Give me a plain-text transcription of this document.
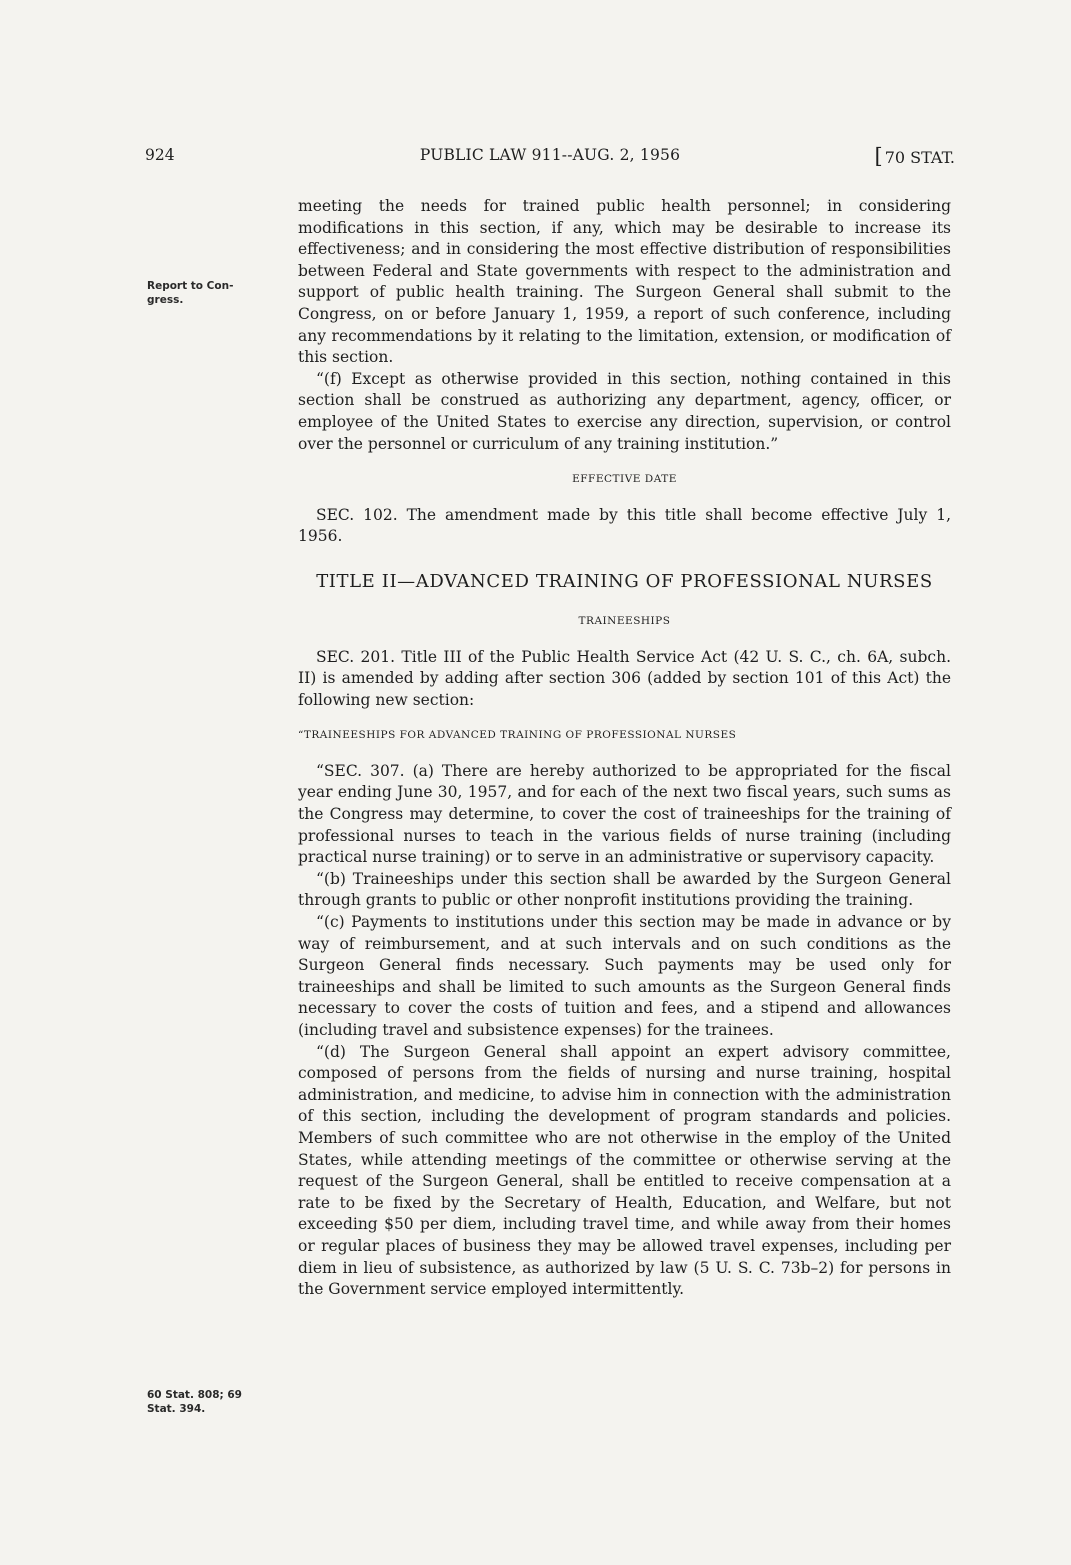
924	PUBLIC LAW 911--AUG. 2, 1956	[ 70 STAT.
Report to Con-gress.
60 Stat. 808; 69
Stat. 394.

meeting the needs for trained public health personnel; in considering modifications in this section, if any, which may be desirable to increase its effectiveness; and in considering the most effective distribution of responsibilities between Federal and State governments with respect to the administration and support of public health training. The Surgeon General shall submit to the Congress, on or before January 1, 1959, a report of such conference, including any recommendations by it relating to the limitation, extension, or modification of this section.

“(f) Except as otherwise provided in this section, nothing contained in this section shall be construed as authorizing any department, agency, officer, or employee of the United States to exercise any direction, supervision, or control over the personnel or curriculum of any training institution.”

EFFECTIVE DATE

SEC. 102. The amendment made by this title shall become effective July 1, 1956.

TITLE II—ADVANCED TRAINING OF PROFESSIONAL NURSES
TRAINEESHIPS

SEC. 201. Title III of the Public Health Service Act (42 U. S. C., ch. 6A, subch. II) is amended by adding after section 306 (added by section 101 of this Act) the following new section:

“TRAINEESHIPS FOR ADVANCED TRAINING OF PROFESSIONAL NURSES

“SEC. 307. (a) There are hereby authorized to be appropriated for the fiscal year ending June 30, 1957, and for each of the next two fiscal years, such sums as the Congress may determine, to cover the cost of traineeships for the training of professional nurses to teach in the various fields of nurse training (including practical nurse training) or to serve in an administrative or supervisory capacity.

“(b) Traineeships under this section shall be awarded by the Surgeon General through grants to public or other nonprofit institutions providing the training.

“(c) Payments to institutions under this section may be made in advance or by way of reimbursement, and at such intervals and on such conditions as the Surgeon General finds necessary. Such payments may be used only for traineeships and shall be limited to such amounts as the Surgeon General finds necessary to cover the costs of tuition and fees, and a stipend and allowances (including travel and subsistence expenses) for the trainees.

“(d) The Surgeon General shall appoint an expert advisory committee, composed of persons from the fields of nursing and nurse training, hospital administration, and medicine, to advise him in connection with the administration of this section, including the development of program standards and policies. Members of such committee who are not otherwise in the employ of the United States, while attending meetings of the committee or otherwise serving at the request of the Surgeon General, shall be entitled to receive compensation at a rate to be fixed by the Secretary of Health, Education, and Welfare, but not exceeding $50 per diem, including travel time, and while away from their homes or regular places of business they may be allowed travel expenses, including per diem in lieu of subsistence, as authorized by law (5 U. S. C. 73b–2) for persons in the Government service employed intermittently.
